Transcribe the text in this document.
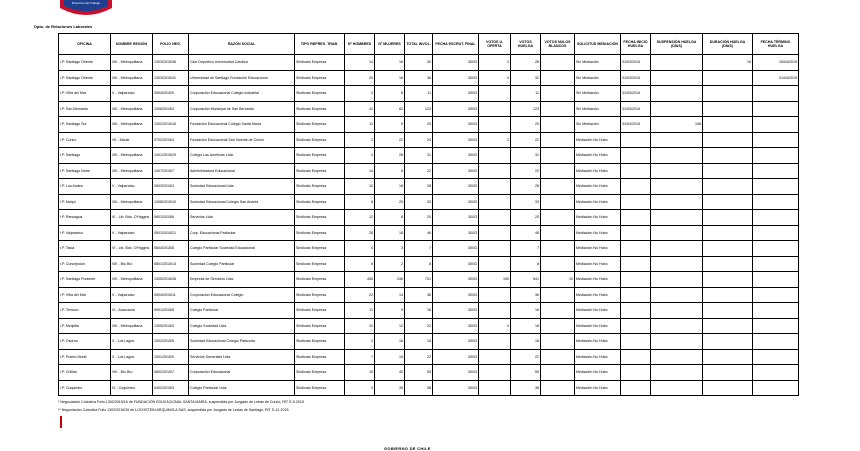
Dirección del Trabajo
Dpto. de Relaciones Laborales
OFICINA	NOMBRE REGIÓN	FOLIO NEG.	RAZÓN SOCIAL	TIPO REPRES. TRAB.	Nº HOMBRES	Nº MUJERES	TOTAL INVOL.	FECHA ESCRUT. FINAL	VOTOS U. OFERTA	VOTOS HUELGA	VOTOS NULOS BLANCOS	SOLICITUD MEDIACIÓN	FECHA INICIO HUELGA	SUSPENSIÓN HUELGA (DÍAS)	DURACIÓN HUELGA (DÍAS)	FECHA TÉRMINO HUELGA
I.P. Santiago Oriente	XIII - Metropolitana	1303/2015/36	Club Deportivo Universidad Católica	Sindicato Empresa	14	16	30	30/03	2	28		Sin Mediación	31/03/2015		15	15/04/2015
I.P. Santiago Oriente	XIII - Metropolitana	1303/2015/41	Universidad de Santiago Fundación Educacional	Sindicato Empresa	20	16	36	30/03	4	32		Sin Mediación	31/03/2015			01/04/2015
I.P. Viña del Mar	V - Valparaíso	0504/2015/9	Corporación Educacional Colegio Industrial	Sindicato Empresa	3	8	11	30/03		11		Sin Mediación	31/03/2015			
I.P. San Bernardo	XIII - Metropolitana	1306/2015/4	Corporación Municipal de San Bernardo	Sindicato Empresa	41	82	123	30/03		123		Sin Mediación	31/03/2015			
I.P. Santiago Sur	XIII - Metropolitana	1302/2015/16	Fundación Educacional Colegio Santa María	Sindicato Empresa	11	9	20	30/03		20		Sin Mediación	31/03/2015	108		
I.P. Curicó	VII - Maule	0702/2015/4	Fundación Educacional San Vicente de Curicó	Sindicato Empresa	2	22	24	30/03	2	22		Mediación No Hubo				
I.P. Santiago	XIII - Metropolitana	1301/2015/29	Colegio Las Américas Ltda.	Sindicato Empresa	3	28	31	30/03		31		Mediación No Hubo				
I.P. Santiago Norte	XIII - Metropolitana	1307/2015/7	Administradora Educacional	Sindicato Empresa	14	8	22	30/03		22		Mediación No Hubo				
I.P. Los Andes	V - Valparaíso	0503/2015/3	Sociedad Educacional Ltda.	Sindicato Empresa	10	18	28	30/03		28		Mediación No Hubo				
I.P. Maipú	XIII - Metropolitana	1308/2015/10	Sociedad Educacional Colegio San Andrés	Sindicato Empresa	8	25	33	30/03		33		Mediación No Hubo				
I.P. Rancagua	VI - Lib. Bdo. O'Higgins	0601/2015/6	Servicios Ltda.	Sindicato Empresa	12	8	20	30/03		20		Mediación No Hubo				
I.P. Valparaíso	V - Valparaíso	0501/2015/21	Corp. Educacional Particular	Sindicato Empresa	28	18	46	30/03		46		Mediación No Hubo				
I.P. Talca	VI - Lib. Bdo. O'Higgins	0604/2015/5	Colegio Particular Sociedad Educacional	Sindicato Empresa	4	3	7	30/03		7		Mediación No Hubo				
I.P. Concepción	VIII - Bío Bío	0801/2015/14	Sociedad Colegio Particular	Sindicato Empresa	6	2	8	30/03		8		Mediación No Hubo				
I.P. Santiago Poniente	XIII - Metropolitana	1305/2015/26	Empresa de Servicios Ltda.	Sindicato Empresa	455	246	701	30/03	150	541	10	Mediación No Hubo				
I.P. Viña del Mar	V - Valparaíso	0504/2015/11	Corporación Educacional Colegio	Sindicato Empresa	22	14	36	30/03		36		Mediación No Hubo				
I.P. Temuco	IX - Araucanía	0901/2015/8	Colegio Particular	Sindicato Empresa	11	5	16	30/03		16		Mediación No Hubo				
I.P. Melipilla	XIII - Metropolitana	1309/2015/3	Colegio Sociedad Ltda.	Sindicato Empresa	10	12	22	30/03	4	18		Mediación No Hubo				
I.P. Osorno	X - Los Lagos	1002/2015/5	Sociedad Educacional Colegio Particular	Sindicato Empresa	2	16	18	30/03		18		Mediación No Hubo				
I.P. Puerto Montt	X - Los Lagos	1001/2015/9	Servicios Generales Ltda.	Sindicato Empresa	7	15	22	30/03		22		Mediación No Hubo				
I.P. Chillán	VIII - Bío Bío	0802/2015/7	Corporación Educacional	Sindicato Empresa	15	40	55	30/03		55		Mediación No Hubo				
I.P. Coquimbo	IV - Coquimbo	0402/2015/3	Colegio Particular Ltda.	Sindicato Empresa	3	35	38	30/03		38		Mediación No Hubo				
* Negociación Colectiva Folio 1302/2015/16 de FUNDACIÓN EDUCACIONAL SANTA MARÍA, suspendida por Juzgado de Letras de Curicó, RIT S-5-2015
** Negociación Colectiva Folio 1302/2015/39 de LOCHSTEIN ARQUINOLA SAS, suspendida por Juzgado de Letras de Santiago, RIT S-12-2015
GOBIERNO DE CHILE
